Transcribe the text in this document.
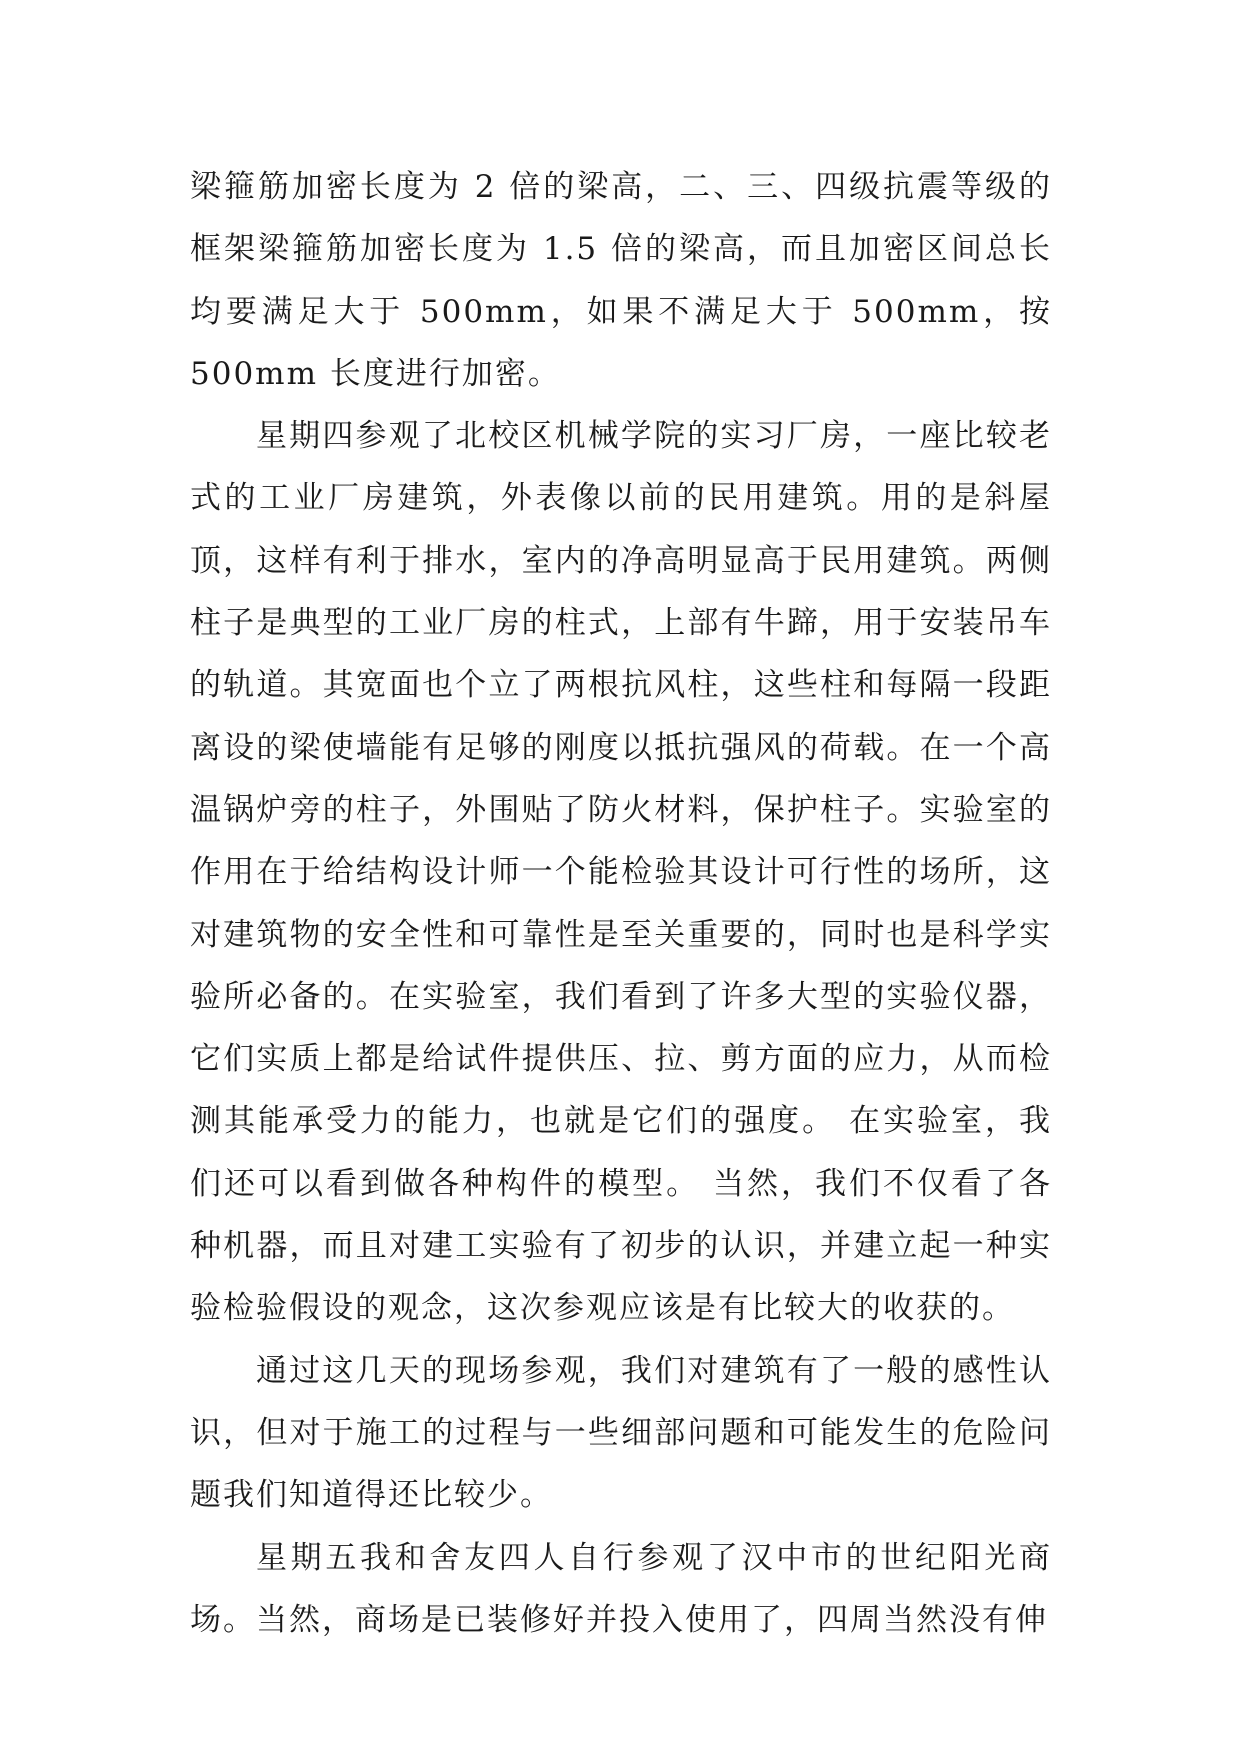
梁箍筋加密长度为 2 倍的梁高，二、三、四级抗震等级的框架梁箍筋加密长度为 1.5 倍的梁高，而且加密区间总长均要满足大于 500mm，如果不满足大于 500mm，按 500mm 长度进行加密。

星期四参观了北校区机械学院的实习厂房，一座比较老式的工业厂房建筑，外表像以前的民用建筑。用的是斜屋顶，这样有利于排水，室内的净高明显高于民用建筑。两侧柱子是典型的工业厂房的柱式，上部有牛蹄，用于安装吊车的轨道。其宽面也个立了两根抗风柱，这些柱和每隔一段距离设的梁使墙能有足够的刚度以抵抗强风的荷载。在一个高温锅炉旁的柱子，外围贴了防火材料，保护柱子。实验室的作用在于给结构设计师一个能检验其设计可行性的场所，这对建筑物的安全性和可靠性是至关重要的，同时也是科学实验所必备的。在实验室，我们看到了许多大型的实验仪器，它们实质上都是给试件提供压、拉、剪方面的应力，从而检测其能承受力的能力，也就是它们的强度。 在实验室，我们还可以看到做各种构件的模型。 当然，我们不仅看了各种机器，而且对建工实验有了初步的认识，并建立起一种实验检验假设的观念，这次参观应该是有比较大的收获的。

通过这几天的现场参观，我们对建筑有了一般的感性认识，但对于施工的过程与一些细部问题和可能发生的危险问题我们知道得还比较少。

星期五我和舍友四人自行参观了汉中市的世纪阳光商场。当然，商场是已装修好并投入使用了，四周当然没有伸
